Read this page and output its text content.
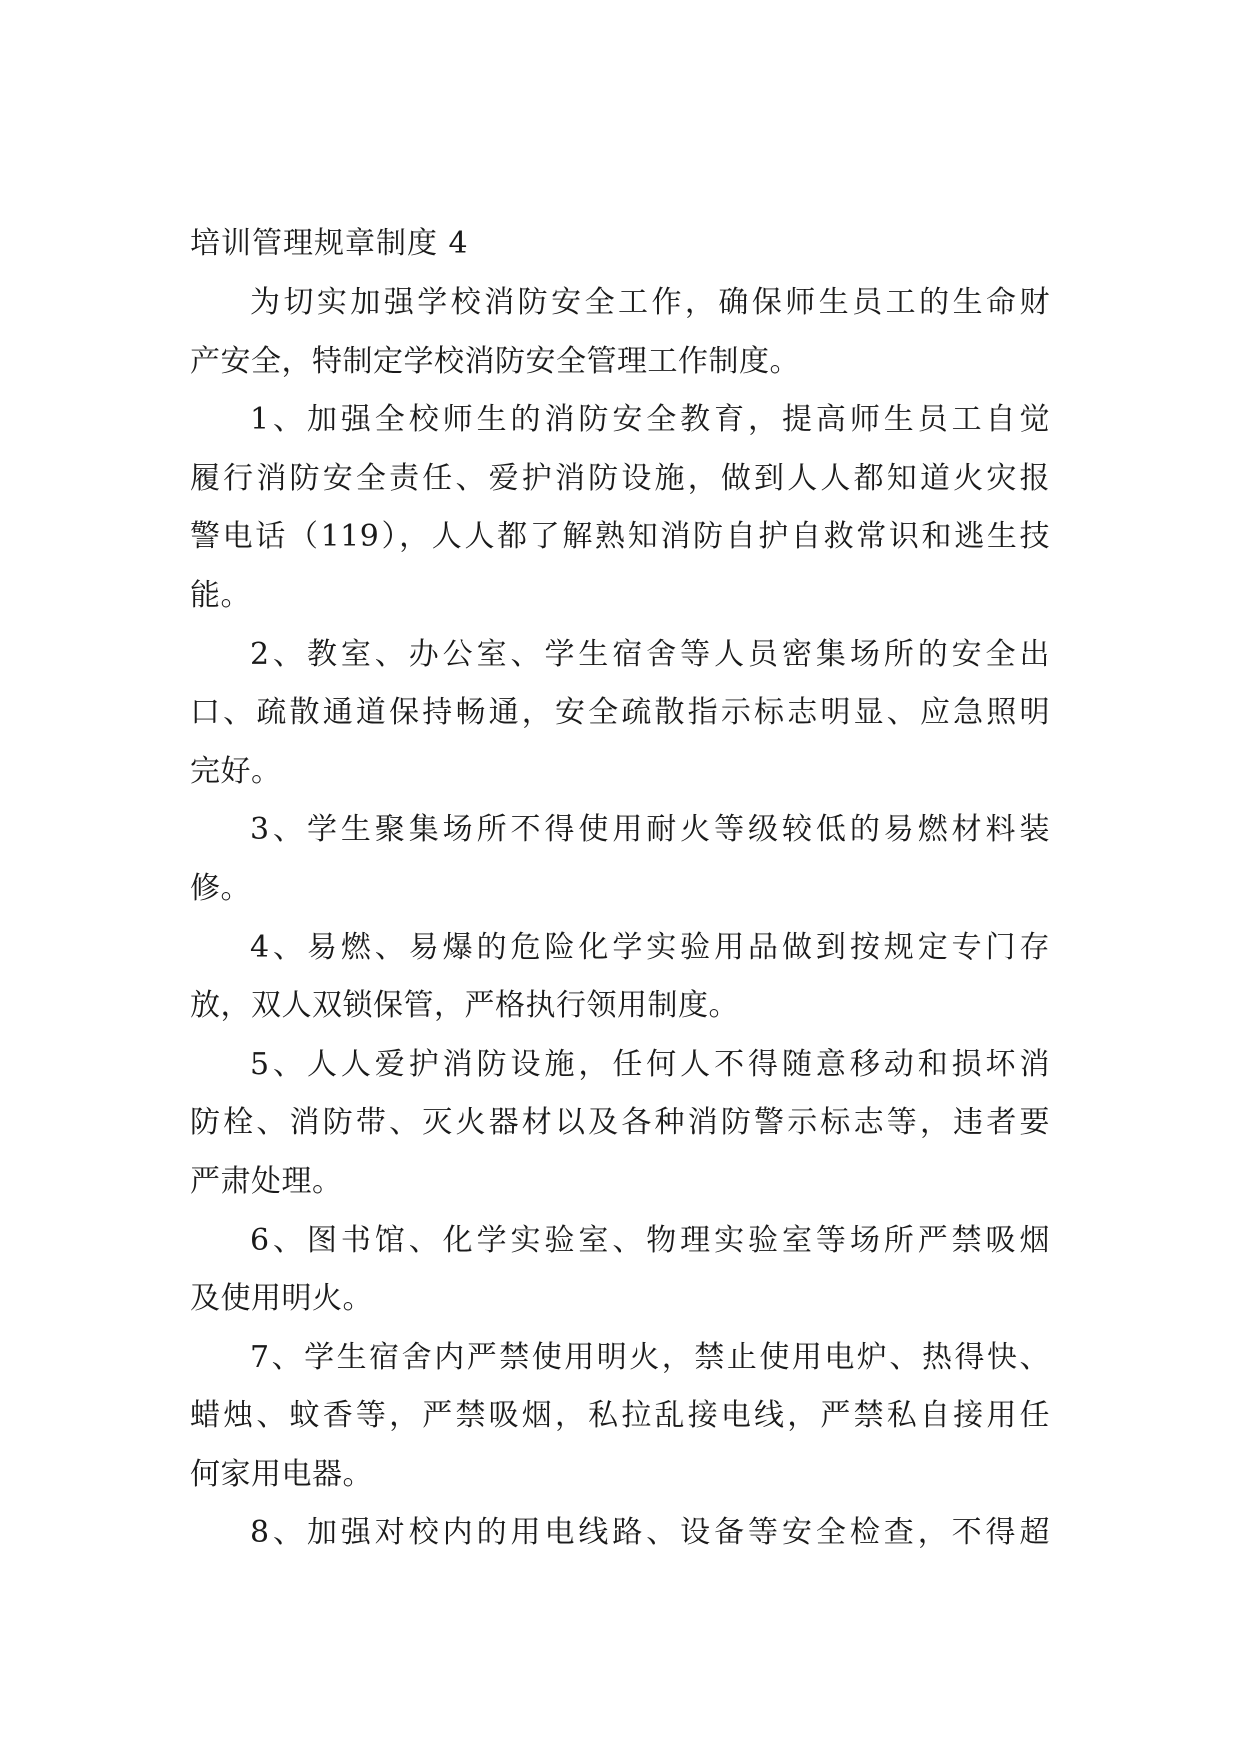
培训管理规章制度 4
为切实加强学校消防安全工作，确保师生员工的生命财
产安全，特制定学校消防安全管理工作制度。
1、加强全校师生的消防安全教育，提高师生员工自觉
履行消防安全责任、爱护消防设施，做到人人都知道火灾报
警电话（119），人人都了解熟知消防自护自救常识和逃生技
能。
2、教室、办公室、学生宿舍等人员密集场所的安全出
口、疏散通道保持畅通，安全疏散指示标志明显、应急照明
完好。
3、学生聚集场所不得使用耐火等级较低的易燃材料装
修。
4、易燃、易爆的危险化学实验用品做到按规定专门存
放，双人双锁保管，严格执行领用制度。
5、人人爱护消防设施，任何人不得随意移动和损坏消
防栓、消防带、灭火器材以及各种消防警示标志等，违者要
严肃处理。
6、图书馆、化学实验室、物理实验室等场所严禁吸烟
及使用明火。
7、学生宿舍内严禁使用明火，禁止使用电炉、热得快、
蜡烛、蚊香等，严禁吸烟，私拉乱接电线，严禁私自接用任
何家用电器。
8、加强对校内的用电线路、设备等安全检查，不得超
